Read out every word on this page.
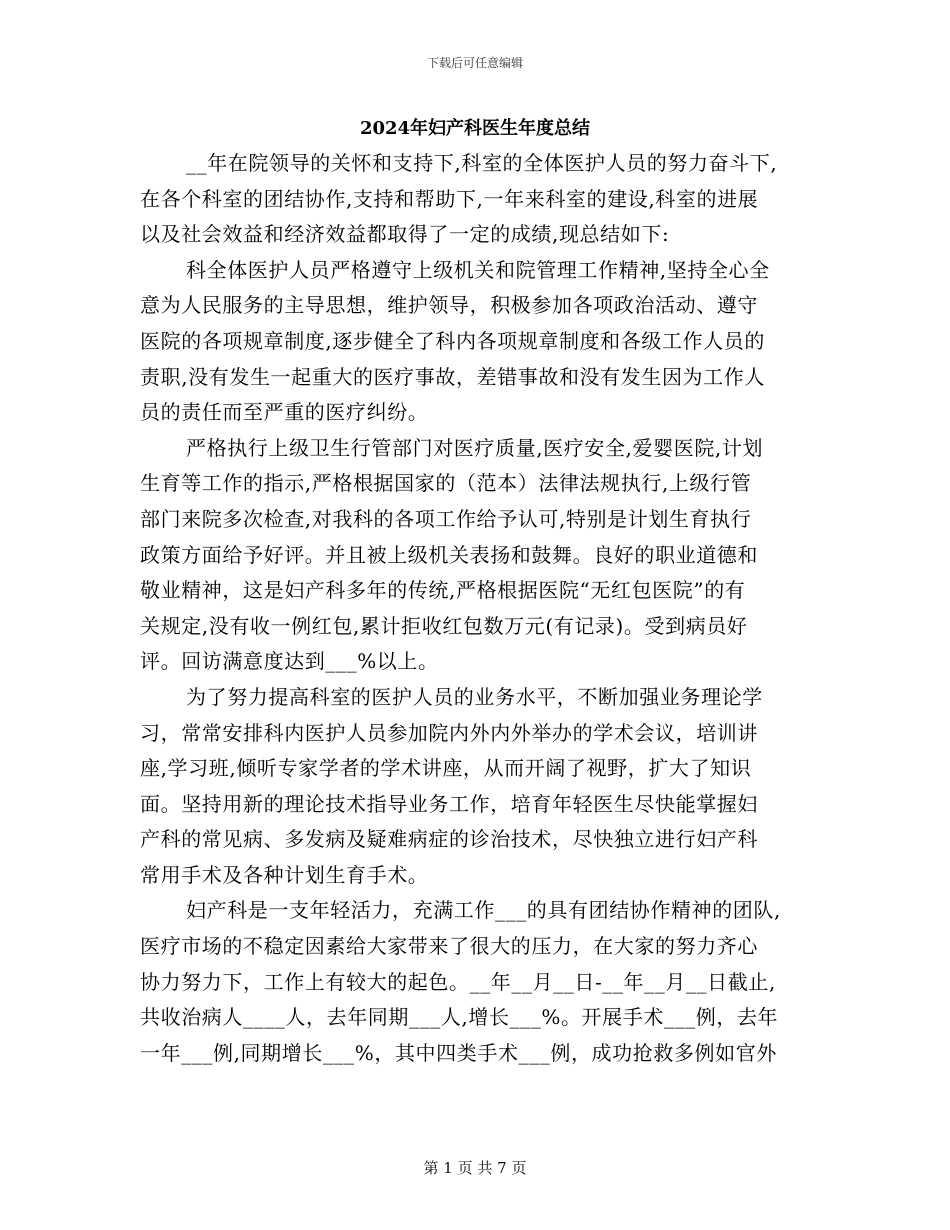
下载后可任意编辑
2024年妇产科医生年度总结
__年在院领导的关怀和支持下,科室的全体医护人员的努力奋斗下,
在各个科室的团结协作,支持和帮助下,一年来科室的建设,科室的进展
以及社会效益和经济效益都取得了一定的成绩,现总结如下:
科全体医护人员严格遵守上级机关和院管理工作精神,坚持全心全
意为人民服务的主导思想，维护领导，积极参加各项政治活动、遵守
医院的各项规章制度,逐步健全了科内各项规章制度和各级工作人员的
责职,没有发生一起重大的医疗事故，差错事故和没有发生因为工作人
员的责任而至严重的医疗纠纷。
严格执行上级卫生行管部门对医疗质量,医疗安全,爱婴医院,计划
生育等工作的指示,严格根据国家的（范本）法律法规执行,上级行管
部门来院多次检查,对我科的各项工作给予认可,特别是计划生育执行
政策方面给予好评。并且被上级机关表扬和鼓舞。良好的职业道德和
敬业精神，这是妇产科多年的传统,严格根据医院“无红包医院”的有
关规定,没有收一例红包,累计拒收红包数万元(有记录)。受到病员好
评。回访满意度达到___%以上。
为了努力提高科室的医护人员的业务水平，不断加强业务理论学
习，常常安排科内医护人员参加院内外内外举办的学术会议，培训讲
座,学习班,倾听专家学者的学术讲座，从而开阔了视野，扩大了知识
面。坚持用新的理论技术指导业务工作，培育年轻医生尽快能掌握妇
产科的常见病、多发病及疑难病症的诊治技术，尽快独立进行妇产科
常用手术及各种计划生育手术。
妇产科是一支年轻活力，充满工作___的具有团结协作精神的团队,
医疗市场的不稳定因素给大家带来了很大的压力，在大家的努力齐心
协力努力下，工作上有较大的起色。__年__月__日-__年__月__日截止,
共收治病人____人，去年同期___人,增长___%。开展手术___例，去年
一年___例,同期增长___%，其中四类手术___例，成功抢救多例如官外
第 1 页 共 7 页
